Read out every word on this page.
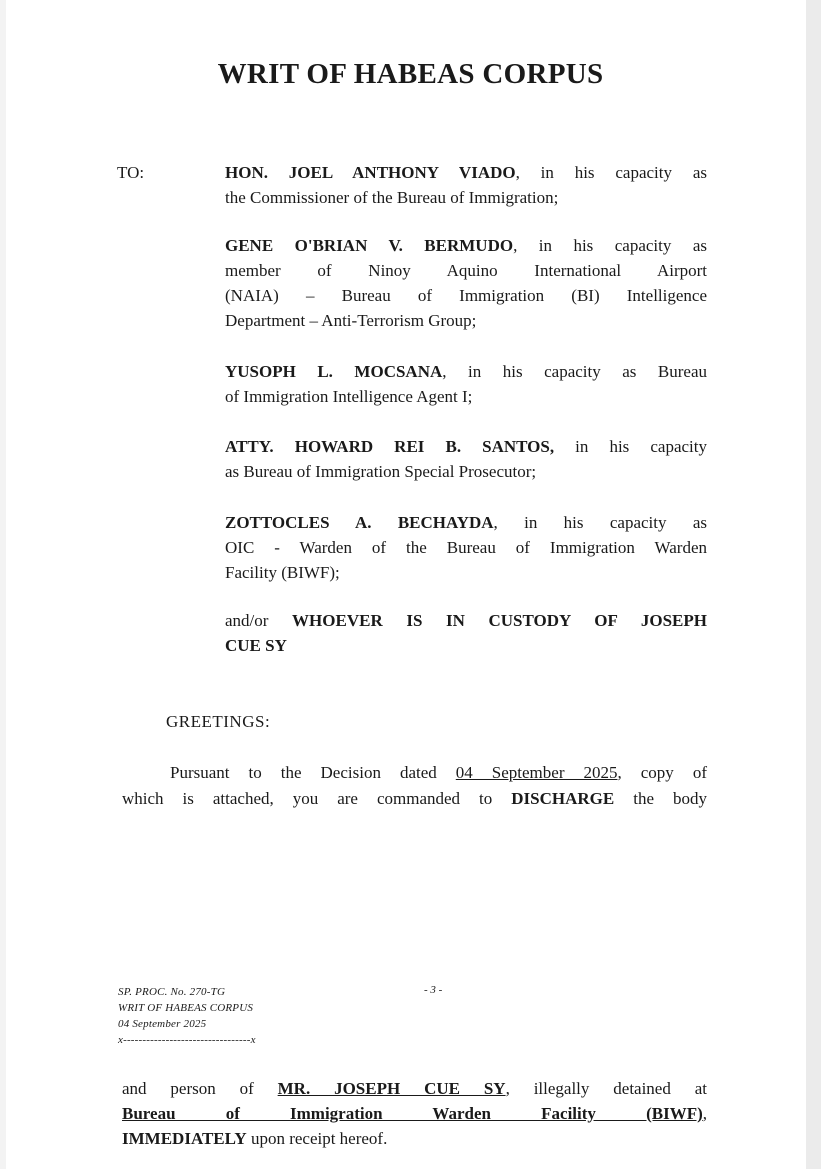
WRIT OF HABEAS CORPUS
TO:	HON. JOEL ANTHONY VIADO, in his capacity as
the Commissioner of the Bureau of Immigration;
GENE O'BRIAN V. BERMUDO, in his capacity as
member of Ninoy Aquino International Airport
(NAIA) – Bureau of Immigration (BI) Intelligence
Department – Anti-Terrorism Group;
YUSOPH L. MOCSANA, in his capacity as Bureau
of Immigration Intelligence Agent I;
ATTY. HOWARD REI B. SANTOS, in his capacity
as Bureau of Immigration Special Prosecutor;
ZOTTOCLES A. BECHAYDA, in his capacity as
OIC - Warden of the Bureau of Immigration Warden
Facility (BIWF);
and/or WHOEVER IS IN CUSTODY OF JOSEPH
CUE SY
GREETINGS:
Pursuant to the Decision dated 04 September 2025, copy of
which is attached, you are commanded to DISCHARGE the body
SP. PROC. No. 270-TG
WRIT OF HABEAS CORPUS
04 September 2025
x---------------------------------x
- 3 -
and person of MR. JOSEPH CUE SY, illegally detained at
Bureau of Immigration Warden Facility (BIWF),
IMMEDIATELY upon receipt hereof.
